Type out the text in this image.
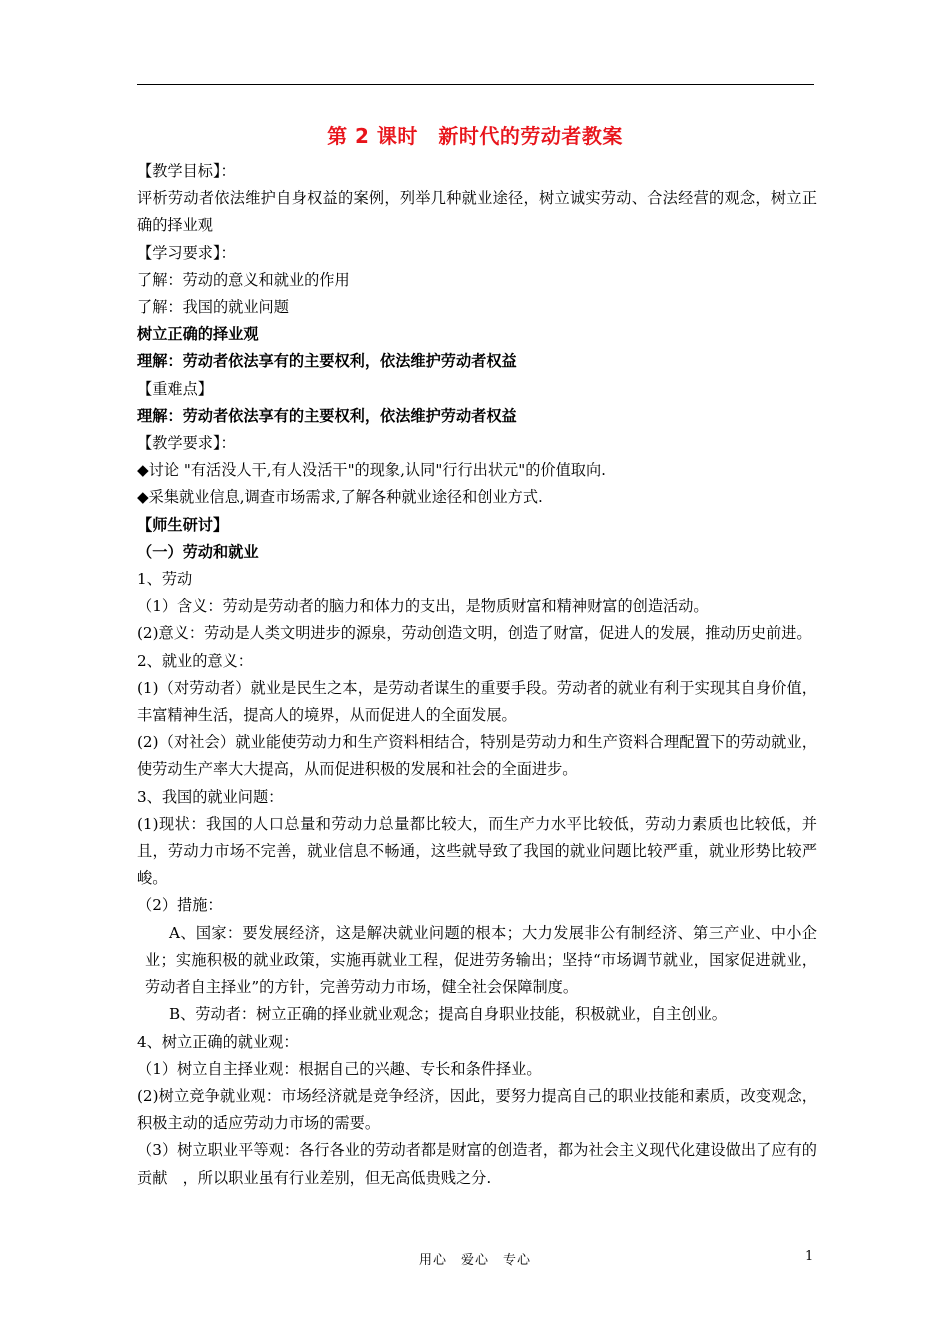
第 2 课时　新时代的劳动者教案
【教学目标】：
评析劳动者依法维护自身权益的案例，列举几种就业途径，树立诚实劳动、合法经营的观念，树立正确的择业观
【学习要求】：
了解：劳动的意义和就业的作用
了解：我国的就业问题
树立正确的择业观
理解：劳动者依法享有的主要权利，依法维护劳动者权益
【重难点】
理解：劳动者依法享有的主要权利，依法维护劳动者权益
【教学要求】：
◆讨论 "有活没人干,有人没活干"的现象,认同"行行出状元"的价值取向.
◆采集就业信息,调查市场需求,了解各种就业途径和创业方式.
【师生研讨】
（一）劳动和就业
1、劳动
（1）含义：劳动是劳动者的脑力和体力的支出，是物质财富和精神财富的创造活动。
(2)意义：劳动是人类文明进步的源泉，劳动创造文明，创造了财富，促进人的发展，推动历史前进。
2、就业的意义：
(1)（对劳动者）就业是民生之本，是劳动者谋生的重要手段。劳动者的就业有利于实现其自身价值，丰富精神生活，提高人的境界，从而促进人的全面发展。
(2)（对社会）就业能使劳动力和生产资料相结合，特别是劳动力和生产资料合理配置下的劳动就业，使劳动生产率大大提高，从而促进积极的发展和社会的全面进步。
3、我国的就业问题：
(1)现状：我国的人口总量和劳动力总量都比较大，而生产力水平比较低，劳动力素质也比较低，并且，劳动力市场不完善，就业信息不畅通，这些就导致了我国的就业问题比较严重，就业形势比较严峻。
（2）措施：
A、国家：要发展经济，这是解决就业问题的根本；大力发展非公有制经济、第三产业、中小企业；实施积极的就业政策，实施再就业工程，促进劳务输出；坚持“市场调节就业，国家促进就业，劳动者自主择业”的方针，完善劳动力市场，健全社会保障制度。
B、劳动者：树立正确的择业就业观念；提高自身职业技能，积极就业，自主创业。
4、树立正确的就业观：
（1）树立自主择业观：根据自己的兴趣、专长和条件择业。
(2)树立竞争就业观：市场经济就是竞争经济，因此，要努力提高自己的职业技能和素质，改变观念，积极主动的适应劳动力市场的需要。
（3）树立职业平等观：各行各业的劳动者都是财富的创造者，都为社会主义现代化建设做出了应有的贡献　，所以职业虽有行业差别，但无高低贵贱之分.
用心　爱心　专心	1
